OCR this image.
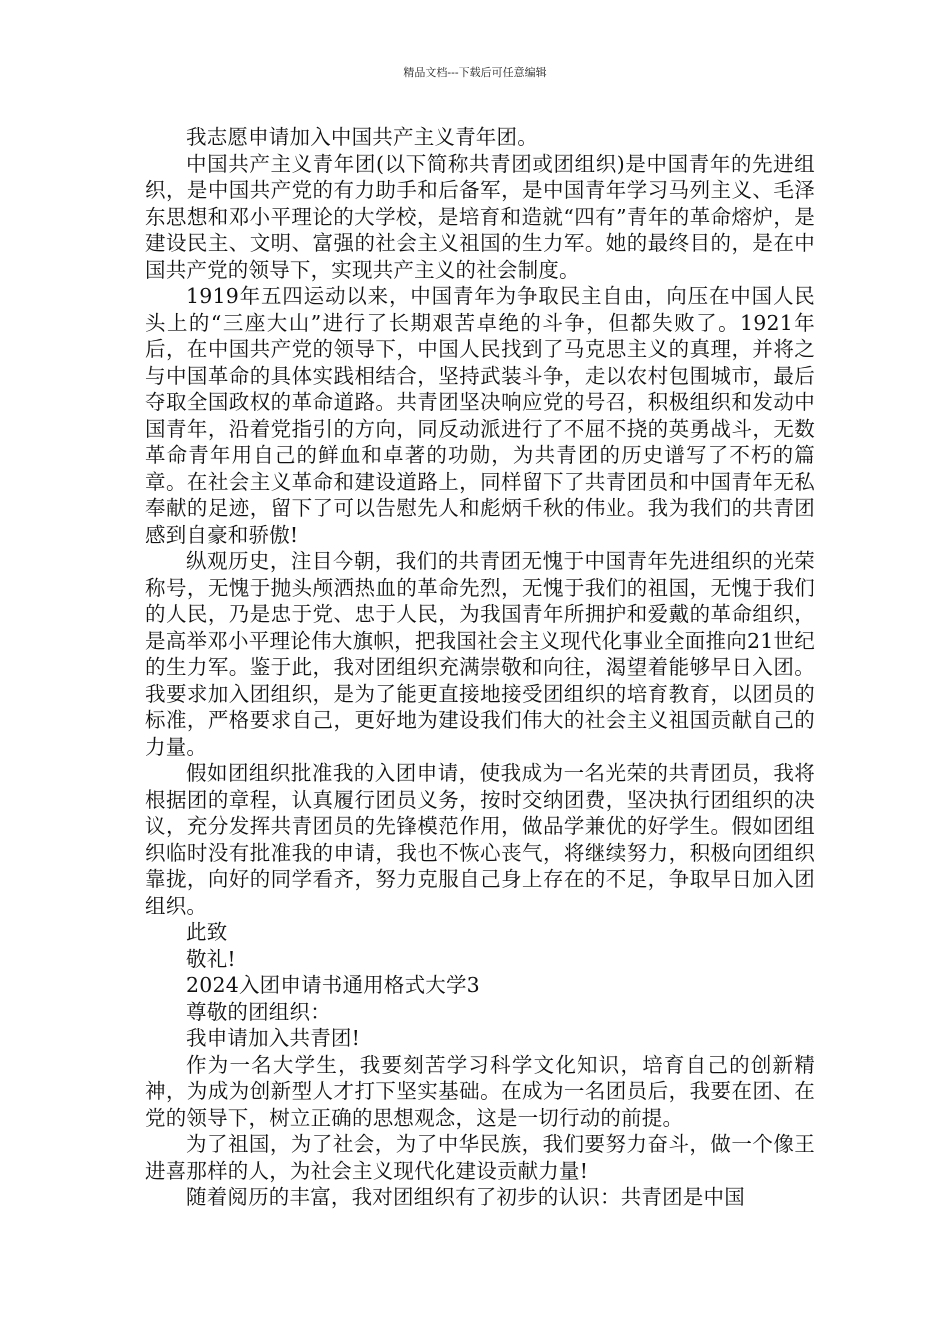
精品文档---下载后可任意编辑

我志愿申请加入中国共产主义青年团。

中国共产主义青年团(以下简称共青团或团组织)是中国青年的先进组织，是中国共产党的有力助手和后备军，是中国青年学习马列主义、毛泽东思想和邓小平理论的大学校，是培育和造就“四有”青年的革命熔炉，是建设民主、文明、富强的社会主义祖国的生力军。她的最终目的，是在中国共产党的领导下，实现共产主义的社会制度。

1919年五四运动以来，中国青年为争取民主自由，向压在中国人民头上的“三座大山”进行了长期艰苦卓绝的斗争，但都失败了。1921年后，在中国共产党的领导下，中国人民找到了马克思主义的真理，并将之与中国革命的具体实践相结合，坚持武装斗争，走以农村包围城市，最后夺取全国政权的革命道路。共青团坚决响应党的号召，积极组织和发动中国青年，沿着党指引的方向，同反动派进行了不屈不挠的英勇战斗，无数革命青年用自己的鲜血和卓著的功勋，为共青团的历史谱写了不朽的篇章。在社会主义革命和建设道路上，同样留下了共青团员和中国青年无私奉献的足迹，留下了可以告慰先人和彪炳千秋的伟业。我为我们的共青团感到自豪和骄傲!

纵观历史，注目今朝，我们的共青团无愧于中国青年先进组织的光荣称号，无愧于抛头颅洒热血的革命先烈，无愧于我们的祖国，无愧于我们的人民，乃是忠于党、忠于人民，为我国青年所拥护和爱戴的革命组织，是高举邓小平理论伟大旗帜，把我国社会主义现代化事业全面推向21世纪的生力军。鉴于此，我对团组织充满崇敬和向往，渴望着能够早日入团。我要求加入团组织，是为了能更直接地接受团组织的培育教育，以团员的标准，严格要求自己，更好地为建设我们伟大的社会主义祖国贡献自己的力量。

假如团组织批准我的入团申请，使我成为一名光荣的共青团员，我将根据团的章程，认真履行团员义务，按时交纳团费，坚决执行团组织的决议，充分发挥共青团员的先锋模范作用，做品学兼优的好学生。假如团组织临时没有批准我的申请，我也不恢心丧气，将继续努力，积极向团组织靠拢，向好的同学看齐，努力克服自己身上存在的不足，争取早日加入团组织。

此致

敬礼!

2024入团申请书通用格式大学3

尊敬的团组织：

我申请加入共青团!

作为一名大学生，我要刻苦学习科学文化知识，培育自己的创新精神，为成为创新型人才打下坚实基础。在成为一名团员后，我要在团、在党的领导下，树立正确的思想观念，这是一切行动的前提。

为了祖国，为了社会，为了中华民族，我们要努力奋斗，做一个像王进喜那样的人，为社会主义现代化建设贡献力量!

随着阅历的丰富，我对团组织有了初步的认识：共青团是中国
